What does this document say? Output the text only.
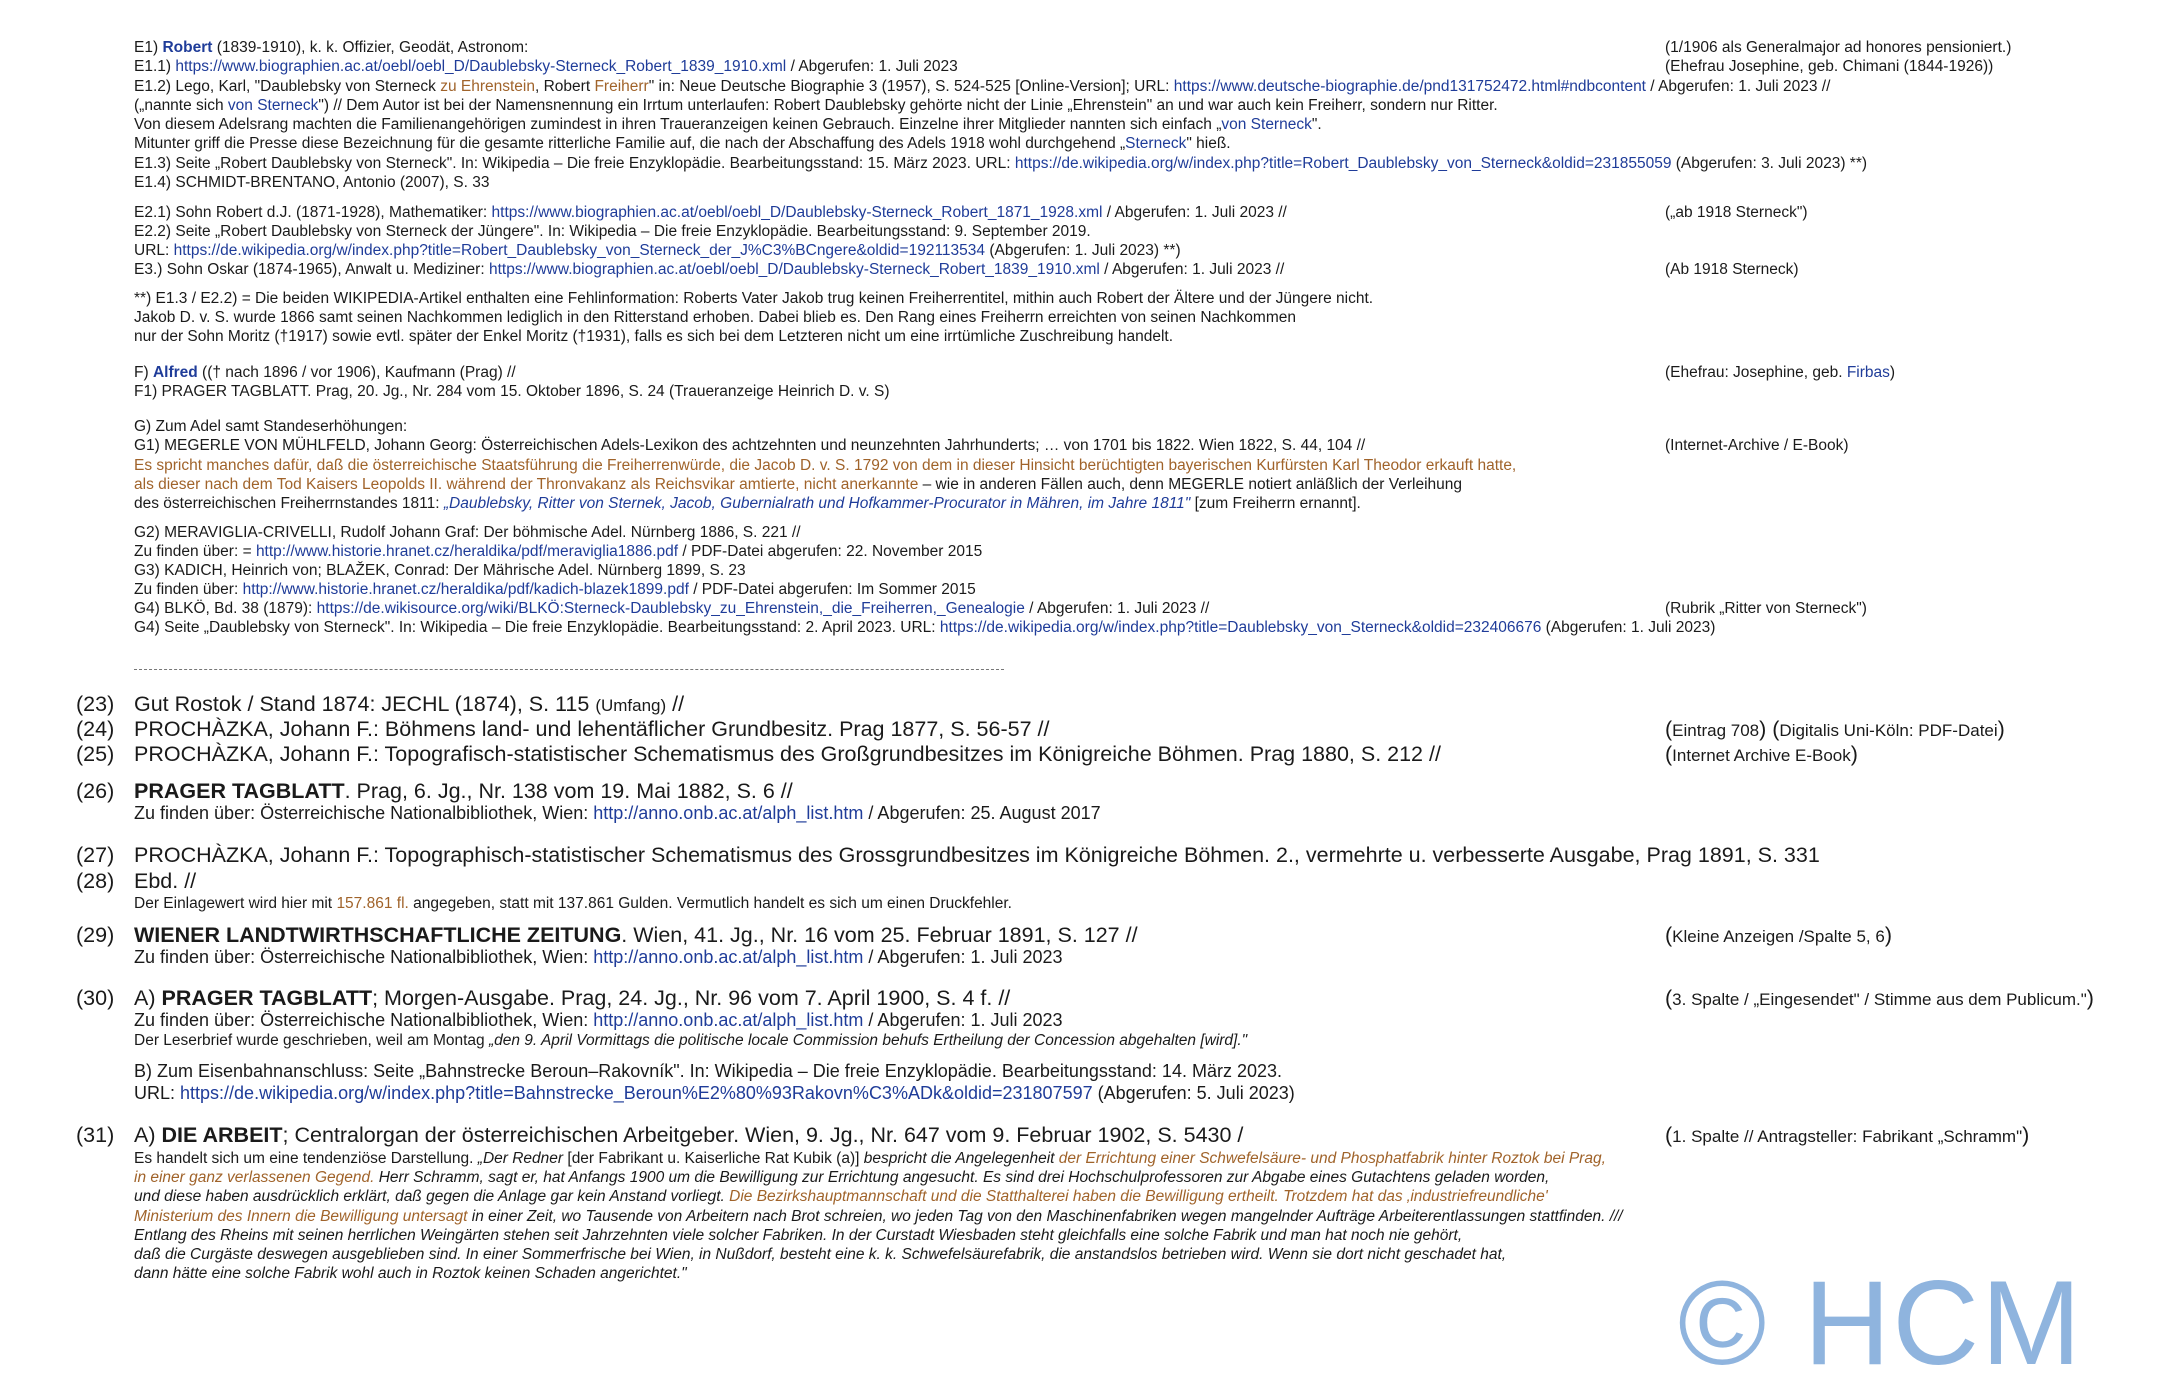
E1) Robert (1839-1910), k. k. Offizier, Geodät, Astronom:	(1/1906 als Generalmajor ad honores pensioniert.)
E1.1) https://www.biographien.ac.at/oebl/oebl_D/Daublebsky-Sterneck_Robert_1839_1910.xml / Abgerufen: 1. Juli 2023	(Ehefrau Josephine, geb. Chimani (1844-1926))
E1.2) Lego, Karl, "Daublebsky von Sterneck zu Ehrenstein, Robert Freiherr" in: Neue Deutsche Biographie 3 (1957), S. 524-525 [Online-Version]; URL: https://www.deutsche-biographie.de/pnd131752472.html#ndbcontent / Abgerufen: 1. Juli 2023 //
(„nannte sich von Sterneck") // Dem Autor ist bei der Namensnennung ein Irrtum unterlaufen: Robert Daublebsky gehörte nicht der Linie „Ehrenstein" an und war auch kein Freiherr, sondern nur Ritter.
Von diesem Adelsrang machten die Familienangehörigen zumindest in ihren Traueranzeigen keinen Gebrauch. Einzelne ihrer Mitglieder nannten sich einfach „von Sterneck".
Mitunter griff die Presse diese Bezeichnung für die gesamte ritterliche Familie auf, die nach der Abschaffung des Adels 1918 wohl durchgehend „Sterneck" hieß.
E1.3) Seite „Robert Daublebsky von Sterneck". In: Wikipedia – Die freie Enzyklopädie. Bearbeitungsstand: 15. März 2023. URL: https://de.wikipedia.org/w/index.php?title=Robert_Daublebsky_von_Sterneck&oldid=231855059 (Abgerufen: 3. Juli 2023) **)
E1.4) SCHMIDT-BRENTANO, Antonio (2007), S. 33
E2.1) Sohn Robert d.J. (1871-1928), Mathematiker: https://www.biographien.ac.at/oebl/oebl_D/Daublebsky-Sterneck_Robert_1871_1928.xml / Abgerufen: 1. Juli 2023 //	(„ab 1918 Sterneck")
E2.2) Seite „Robert Daublebsky von Sterneck der Jüngere". In: Wikipedia – Die freie Enzyklopädie. Bearbeitungsstand: 9. September 2019.
URL: https://de.wikipedia.org/w/index.php?title=Robert_Daublebsky_von_Sterneck_der_J%C3%BCngere&oldid=192113534 (Abgerufen: 1. Juli 2023) **)
E3.) Sohn Oskar (1874-1965), Anwalt u. Mediziner: https://www.biographien.ac.at/oebl/oebl_D/Daublebsky-Sterneck_Robert_1839_1910.xml / Abgerufen: 1. Juli 2023 //	(Ab 1918 Sterneck)
**) E1.3 / E2.2) = Die beiden WIKIPEDIA-Artikel enthalten eine Fehlinformation: Roberts Vater Jakob trug keinen Freiherrentitel, mithin auch Robert der Ältere und der Jüngere nicht.
Jakob D. v. S. wurde 1866 samt seinen Nachkommen lediglich in den Ritterstand erhoben. Dabei blieb es. Den Rang eines Freiherrn erreichten von seinen Nachkommen
nur der Sohn Moritz (†1917) sowie evtl. später der Enkel Moritz (†1931), falls es sich bei dem Letzteren nicht um eine irrtümliche Zuschreibung handelt.
F) Alfred ((† nach 1896 / vor 1906), Kaufmann (Prag) //	(Ehefrau: Josephine, geb. Firbas)
F1) PRAGER TAGBLATT. Prag, 20. Jg., Nr. 284 vom 15. Oktober 1896, S. 24 (Traueranzeige Heinrich D. v. S)
G) Zum Adel samt Standeserhöhungen:
G1) MEGERLE VON MÜHLFELD, Johann Georg: Österreichischen Adels-Lexikon des achtzehnten und neunzehnten Jahrhunderts; … von 1701 bis 1822. Wien 1822, S. 44, 104 //	(Internet-Archive / E-Book)
Es spricht manches dafür, daß die österreichische Staatsführung die Freiherrenwürde, die Jacob D. v. S. 1792 von dem in dieser Hinsicht berüchtigten bayerischen Kurfürsten Karl Theodor erkauft hatte,
als dieser nach dem Tod Kaisers Leopolds II. während der Thronvakanz als Reichsvikar amtierte, nicht anerkannte – wie in anderen Fällen auch, denn MEGERLE notiert anläßlich der Verleihung
des österreichischen Freiherrnstandes 1811: „Daublebsky, Ritter von Sternek, Jacob, Gubernialrath und Hofkammer-Procurator in Mähren, im Jahre 1811" [zum Freiherrn ernannt].
G2) MERAVIGLIA-CRIVELLI, Rudolf Johann Graf: Der böhmische Adel. Nürnberg 1886, S. 221 //
Zu finden über: = http://www.historie.hranet.cz/heraldika/pdf/meraviglia1886.pdf / PDF-Datei abgerufen: 22. November 2015
G3) KADICH, Heinrich von; BLAŽEK, Conrad: Der Mährische Adel. Nürnberg 1899, S. 23
Zu finden über: http://www.historie.hranet.cz/heraldika/pdf/kadich-blazek1899.pdf / PDF-Datei abgerufen: Im Sommer 2015
G4) BLKÖ, Bd. 38 (1879): https://de.wikisource.org/wiki/BLKÖ:Sterneck-Daublebsky_zu_Ehrenstein,_die_Freiherren,_Genealogie / Abgerufen: 1. Juli 2023 //	(Rubrik „Ritter von Sterneck")
G4) Seite „Daublebsky von Sterneck". In: Wikipedia – Die freie Enzyklopädie. Bearbeitungsstand: 2. April 2023. URL: https://de.wikipedia.org/w/index.php?title=Daublebsky_von_Sterneck&oldid=232406676 (Abgerufen: 1. Juli 2023)
(23) Gut Rostok / Stand 1874: JECHL (1874), S. 115 (Umfang) //
(24) PROCHÀZKA, Johann F.: Böhmens land- und lehentäflicher Grundbesitz. Prag 1877, S. 56-57 //	(Eintrag 708) (Digitalis Uni-Köln: PDF-Datei)
(25) PROCHÀZKA, Johann F.: Topografisch-statistischer Schematismus des Großgrundbesitzes im Königreiche Böhmen. Prag 1880, S. 212 //	(Internet Archive E-Book)
(26) PRAGER TAGBLATT. Prag, 6. Jg., Nr. 138 vom 19. Mai 1882, S. 6 //
Zu finden über: Österreichische Nationalbibliothek, Wien: http://anno.onb.ac.at/alph_list.htm / Abgerufen: 25. August 2017
(27) PROCHÀZKA, Johann F.: Topographisch-statistischer Schematismus des Grossgrundbesitzes im Königreiche Böhmen. 2., vermehrte u. verbesserte Ausgabe, Prag 1891, S. 331
(28) Ebd. //
Der Einlagewert wird hier mit 157.861 fl. angegeben, statt mit 137.861 Gulden. Vermutlich handelt es sich um einen Druckfehler.
(29) WIENER LANDTWIRTHSCHAFTLICHE ZEITUNG. Wien, 41. Jg., Nr. 16 vom 25. Februar 1891, S. 127 //	(Kleine Anzeigen /Spalte 5, 6)
Zu finden über: Österreichische Nationalbibliothek, Wien: http://anno.onb.ac.at/alph_list.htm / Abgerufen: 1. Juli 2023
(30) A) PRAGER TAGBLATT; Morgen-Ausgabe. Prag, 24. Jg., Nr. 96 vom 7. April 1900, S. 4 f. //	(3. Spalte / „Eingesendet" / Stimme aus dem Publicum.")
Zu finden über: Österreichische Nationalbibliothek, Wien: http://anno.onb.ac.at/alph_list.htm / Abgerufen: 1. Juli 2023
Der Leserbrief wurde geschrieben, weil am Montag „den 9. April Vormittags die politische locale Commission behufs Ertheilung der Concession abgehalten [wird]."
B) Zum Eisenbahnanschluss: Seite „Bahnstrecke Beroun–Rakovník". In: Wikipedia – Die freie Enzyklopädie. Bearbeitungsstand: 14. März 2023.
URL: https://de.wikipedia.org/w/index.php?title=Bahnstrecke_Beroun%E2%80%93Rakovn%C3%ADk&oldid=231807597 (Abgerufen: 5. Juli 2023)
(31) A) DIE ARBEIT; Centralorgan der österreichischen Arbeitgeber. Wien, 9. Jg., Nr. 647 vom 9. Februar 1902, S. 5430 /	(1. Spalte // Antragsteller: Fabrikant „Schramm")
Es handelt sich um eine tendenziöse Darstellung. „Der Redner [der Fabrikant u. Kaiserliche Rat Kubik (a)] bespricht die Angelegenheit der Errichtung einer Schwefelsäure- und Phosphatfabrik hinter Roztok bei Prag,
in einer ganz verlassenen Gegend. Herr Schramm, sagt er, hat Anfangs 1900 um die Bewilligung zur Errichtung angesucht. Es sind drei Hochschulprofessoren zur Abgabe eines Gutachtens geladen worden,
und diese haben ausdrücklich erklärt, daß gegen die Anlage gar kein Anstand vorliegt. Die Bezirkshauptmannschaft und die Statthalterei haben die Bewilligung ertheilt. Trotzdem hat das ‚industriefreundliche'
Ministerium des Innern die Bewilligung untersagt in einer Zeit, wo Tausende von Arbeitern nach Brot schreien, wo jeden Tag von den Maschinenfabriken wegen mangelnder Aufträge Arbeiterentlassungen stattfinden. ///
Entlang des Rheins mit seinen herrlichen Weingärten stehen seit Jahrzehnten viele solcher Fabriken. In der Curstadt Wiesbaden steht gleichfalls eine solche Fabrik und man hat noch nie gehört,
daß die Curgäste deswegen ausgeblieben sind. In einer Sommerfrische bei Wien, in Nußdorf, besteht eine k. k. Schwefelsäurefabrik, die anstandslos betrieben wird. Wenn sie dort nicht geschadet hat,
dann hätte eine solche Fabrik wohl auch in Roztok keinen Schaden angerichtet."	© HCM
